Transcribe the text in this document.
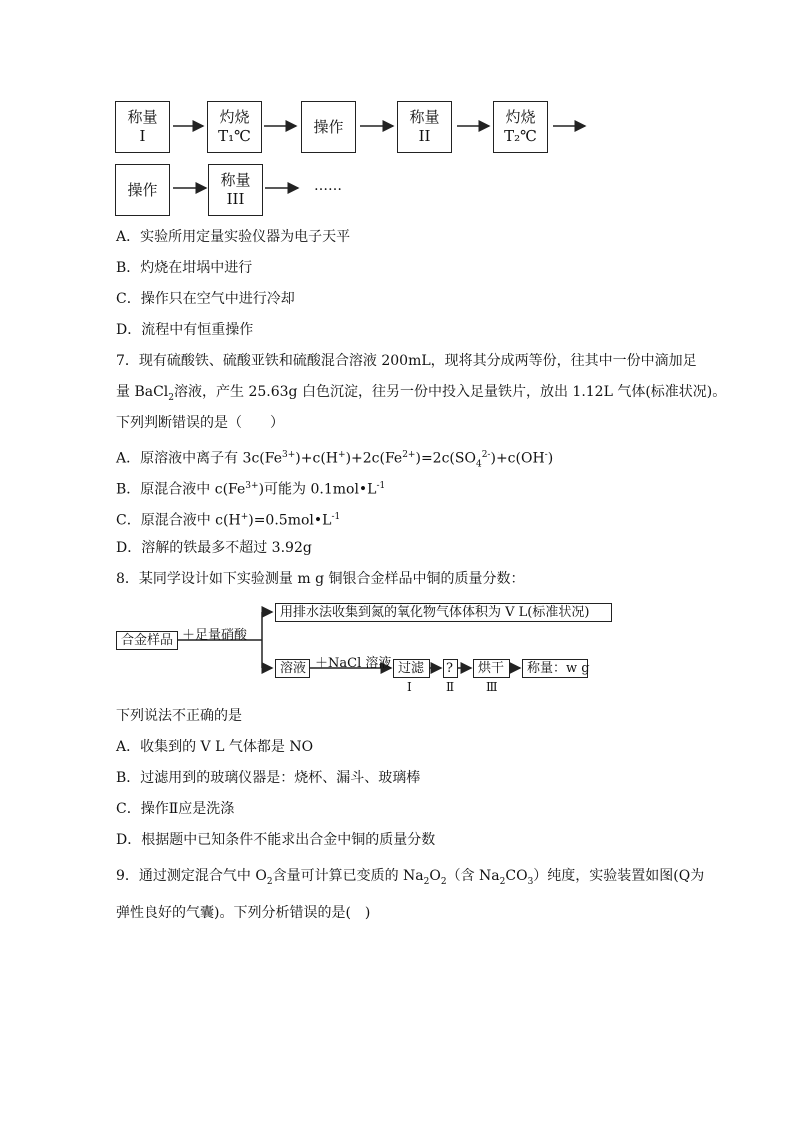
称量
I
灼烧
T₁℃
操作
称量
II
灼烧
T₂℃
操作
称量
III
……
A．实验所用定量实验仪器为电子天平
B．灼烧在坩埚中进行
C．操作只在空气中进行冷却
D．流程中有恒重操作
7．现有硫酸铁、硫酸亚铁和硫酸混合溶液 200mL，现将其分成两等份，往其中一份中滴加足
量 BaCl$_2$溶液，产生 25.63g 白色沉淀，往另一份中投入足量铁片，放出 1.12L 气体(标准状况)。
下列判断错误的是（　　）
A．原溶液中离子有 $3c(Fe^{3+})+c(H^+)+2c(Fe^{2+})=2c(SO_4^{2-})+c(OH^-)$
B．原混合液中 $c(Fe^{3+})$可能为 $0.1mol•L^{-1}$
C．原混合液中 $c(H^+)=0.5mol•L^{-1}$
D．溶解的铁最多不超过 3.92g
8．某同学设计如下实验测量 m g 铜银合金样品中铜的质量分数：
合金样品 ＋足量硝酸
用排水法收集到氮的氧化物气体体积为 V L(标准状况)
溶液 ＋NaCl 溶液 过滤	?	烘干	称量：w g
Ⅰ	Ⅱ	Ⅲ
下列说法不正确的是
A．收集到的 V L 气体都是 NO
B．过滤用到的玻璃仪器是：烧杯、漏斗、玻璃棒
C．操作Ⅱ应是洗涤
D．根据题中已知条件不能求出合金中铜的质量分数
9．通过测定混合气中 $O_2$含量可计算已变质的 $Na_2O_2$（含 $Na_2CO_3$）纯度，实验装置如图(Q为
弹性良好的气囊)。下列分析错误的是(　)
